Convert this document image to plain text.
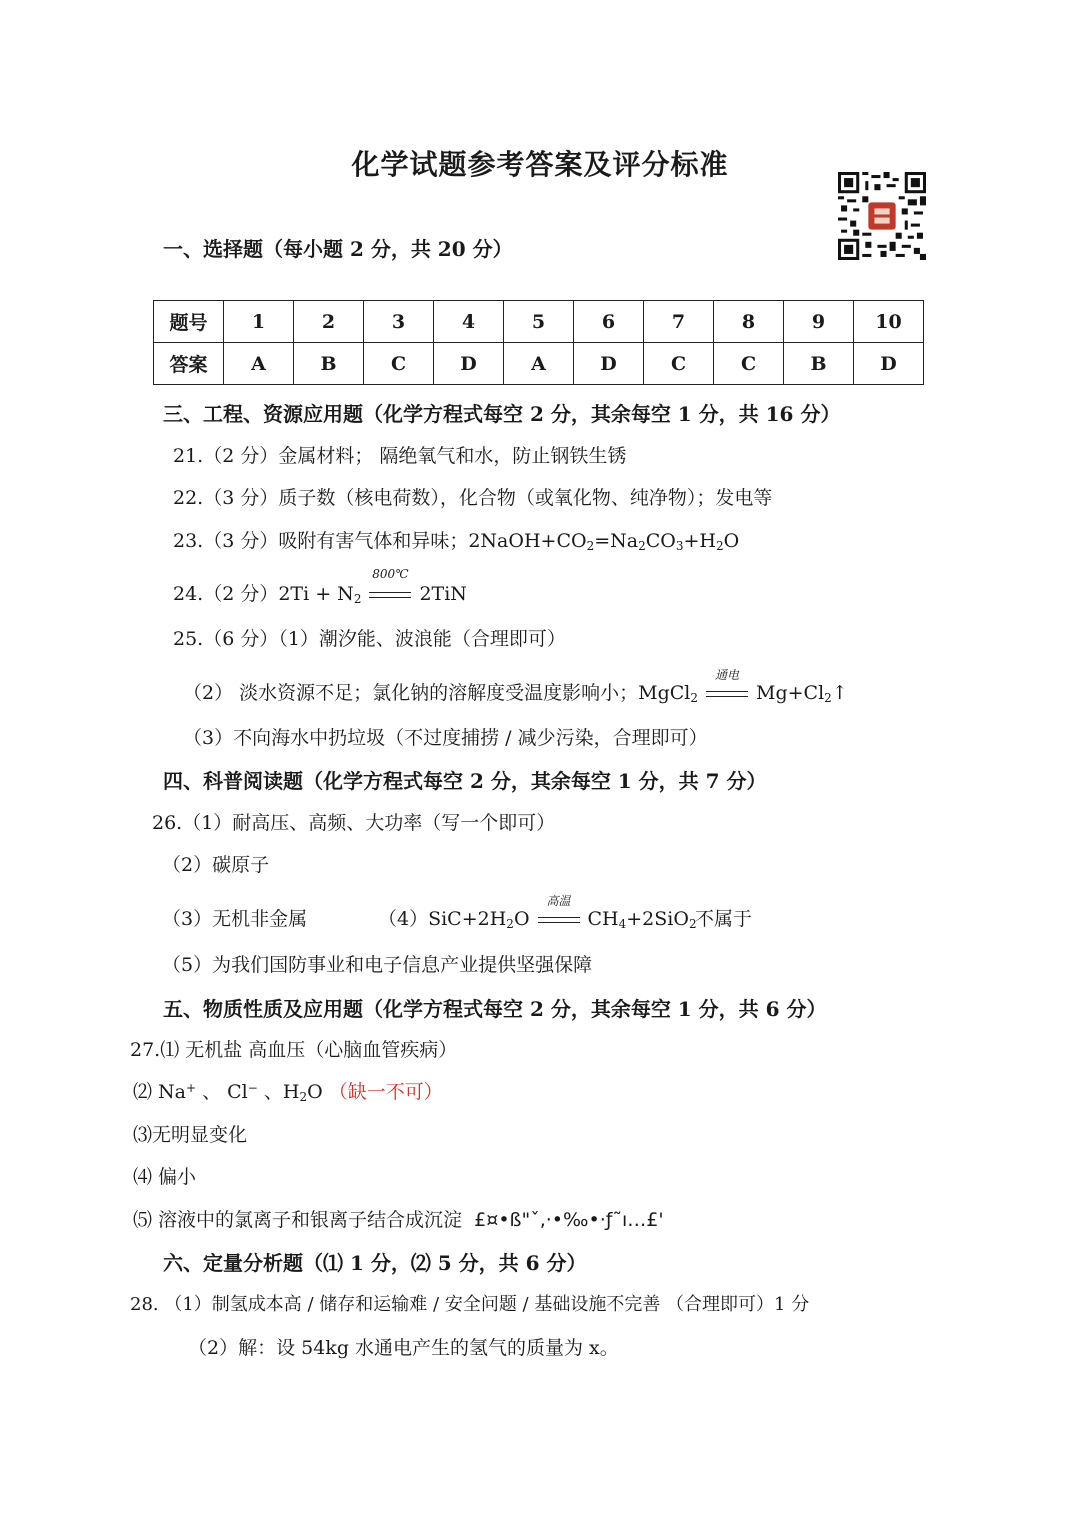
化学试题参考答案及评分标准
一、选择题（每小题 2 分，共 20 分）
题号	1	2	3	4	5	6	7	8	9	10
答案	A	B	C	D	A	D	C	C	B	D
三、工程、资源应用题（化学方程式每空 2 分，其余每空 1 分，共 16 分）
21.（2 分）金属材料； 隔绝氧气和水，防止钢铁生锈
22.（3 分）质子数（核电荷数），化合物（或氧化物、纯净物）；发电等
23.（3 分）吸附有害气体和异味；$2NaOH+CO_2=Na_2CO_3+H_2O$
24.（2 分）$2Ti + N_2$
800℃
2TiN
25.（6 分）（1）潮汐能、波浪能（合理即可）
（2） 淡水资源不足；氯化钠的溶解度受温度影响小；MgCl$_2$
通电
$Mg+Cl_2↑$
（3）不向海水中扔垃圾（不过度捕捞 / 减少污染，合理即可）
四、科普阅读题（化学方程式每空 2 分，其余每空 1 分，共 7 分）
26.（1）耐高压、高频、大功率（写一个即可）
（2）碳原子
（3）无机非金属	$(4)SiC+2H_2O$
高温
$CH_4+2SiO_2$
不属于
（5）为我们国防事业和电子信息产业提供坚强保障
五、物质性质及应用题（化学方程式每空 2 分，其余每空 1 分，共 6 分）
27.⑴ 无机盐 高血压（心脑血管疾病）
⑵ Na+ 、 Cl− 、$H_2O$ （缺一不可）
⑶无明显变化
⑷ 偏小
⑸ 溶液中的氯离子和银离子结合成沉淀 £¤•ß"ˇ,·•‰•·ƒ˜ı…£'
六、定量分析题（⑴ 1 分，⑵ 5 分，共 6 分）
28. （1）制氢成本高 / 储存和运输难 / 安全问题 / 基础设施不完善 （合理即可）1 分
（2）解：设 54kg 水通电产生的氢气的质量为 x。
